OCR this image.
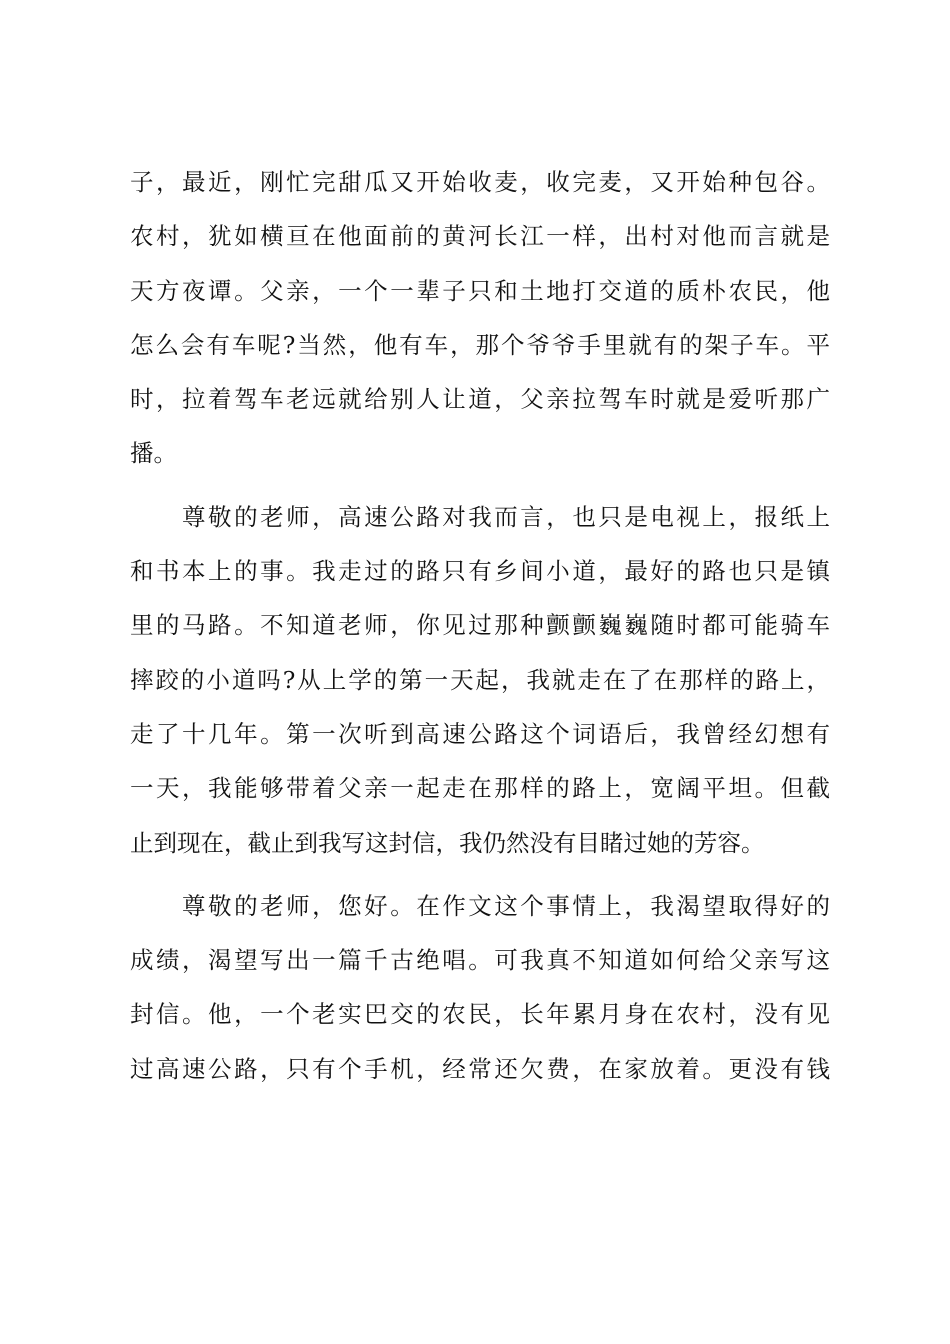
子，最近，刚忙完甜瓜又开始收麦，收完麦，又开始种包谷。
农村，犹如横亘在他面前的黄河长江一样，出村对他而言就是
天方夜谭。父亲，一个一辈子只和土地打交道的质朴农民，他
怎么会有车呢?当然，他有车，那个爷爷手里就有的架子车。平
时，拉着驾车老远就给别人让道，父亲拉驾车时就是爱听那广
播。
　　尊敬的老师，高速公路对我而言，也只是电视上，报纸上
和书本上的事。我走过的路只有乡间小道，最好的路也只是镇
里的马路。不知道老师，你见过那种颤颤巍巍随时都可能骑车
摔跤的小道吗?从上学的第一天起，我就走在了在那样的路上，
走了十几年。第一次听到高速公路这个词语后，我曾经幻想有
一天，我能够带着父亲一起走在那样的路上，宽阔平坦。但截
止到现在，截止到我写这封信，我仍然没有目睹过她的芳容。
　　尊敬的老师，您好。在作文这个事情上，我渴望取得好的
成绩，渴望写出一篇千古绝唱。可我真不知道如何给父亲写这
封信。他，一个老实巴交的农民，长年累月身在农村，没有见
过高速公路，只有个手机，经常还欠费，在家放着。更没有钱
